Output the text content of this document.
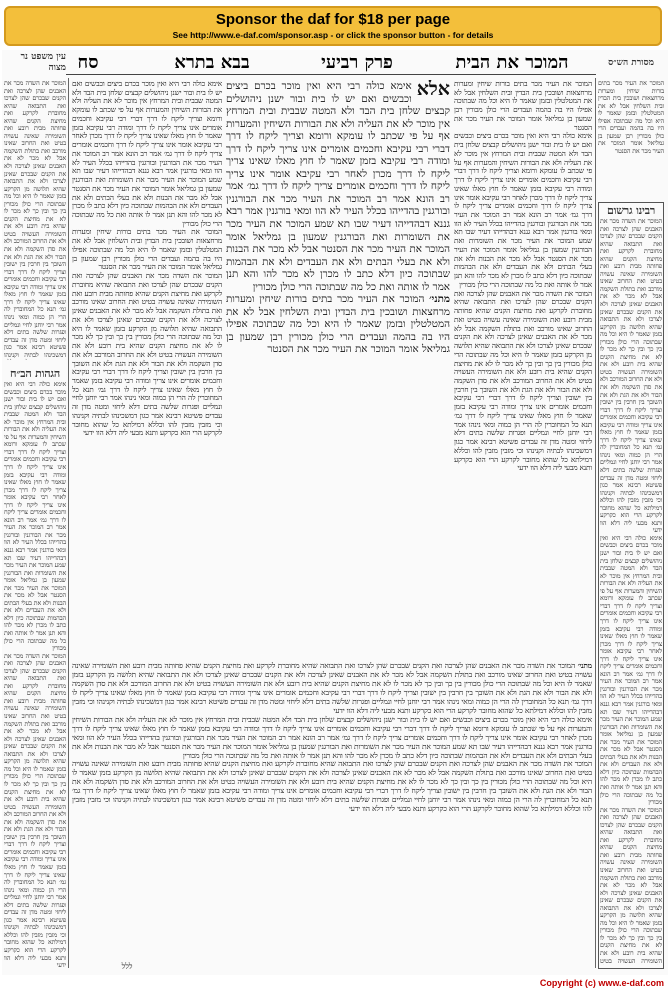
Sponsor the daf for $18 per page
See http://www.e-daf.com/sponsor.asp - or click the sponsor button - for details
עין משפט נר מצוה סח	בבא בתרא	פרק רביעי	המוכר את הבית	מסורת הש״ס

המוכר את השדה מכר את האבנים שהן לצרכה ואת הקנים שבכרם שהן לצרכו ואת התבואה שהיא מחוברת לקרקע ואת מחיצת הקנים שהיא פחותה מבית רובע ואת השומירה שאינה עשויה בטיט ואת החרוב שאינו מורכב ואת בתולת השקמה אבל לא מכר לא את האבנים שאינן לצרכה ולא את הקנים שבכרם שאינן לצרכו ולא את התבואה שהיא תלושה מן הקרקע בזמן שאמר לו היא וכל מה שבתוכה הרי כולן מכורין בין כך ובין כך לא מכר לו לא את מחיצת הקנים שהיא בית רובע ולא את השומירה העשויה בטיט ולא את החרוב המורכב ולא את סדן השקמה ולא את הבור ולא את הגת ולא את השובך בין חרבין בין ישובין וצריך ליקח לו דרך דברי רבי עקיבא וחכמים אומרים אינו צריך ומודה רבי עקיבא בזמן שאמר לו חוץ מאלו שאינו צריך ליקח לו דרך גמ׳ תנא כל המחוברין לה הרי הן כמוה ומאי נינהו אמר רבי יוחנן לחיי ונמליים ופגרות שלשה בתים דלא ליחזי ומטה מדן זה עבדים פשיטא רבינא אמר כגון דמשכינהו לבתיה וקנינהו

הגהות הב״ח

אימא כולה רבי היא ואין מוכר בכרם ביצים וכבשים ואם יש לו בית ובור ישנן ניהושלים קבצים שלחן בית הבד ולא המטה שבבית ובית המרחץ אין מוכר לא את העליה ולא את הבורות השיחין והמערות אף על פי שכתב לו עומקא ורומא וצריך ליקח לו דרך דברי רבי עקיבא וחכמים אומרים אינו צריך ליקח לו דרך ומודה רבי עקיבא בזמן שאמר לו חוץ מאלו שאינו צריך ליקח לו דרך מכרן לאחר רבי עקיבא אומר אינו צריך ליקח לו דרך וחכמים אומרים צריך ליקח לו דרך גמ׳ אמר רב הונא אמר רב המוכר את העיר מכר את הבורגנין ובורגנין בהדייהו בכלל העיר לא הוו ומאי בורגנין אמר רבא גננא דבהדייהו דעיר שבו תא שמע המוכר את העיר מכר את השומרות ואת הבורגנין שמעון בן גמליאל אומר המוכר את העיר מכר את הסנטר אבל לא מכר את הבנות ולא את בעלי הבתים ולא את העבדים ולא את הבהמות שבתוכה כיון דלא כתב לו מכרן לא מכר להו והא תנן אמר לו אותה ואת כל מה שבתוכה הרי כולן מכורין

המוכר את השדה מכר את האבנים שהן לצרכה ואת הקנים שבכרם שהן לצרכו ואת התבואה שהיא מחוברת לקרקע ואת מחיצת הקנים שהיא פחותה מבית רובע ואת השומירה שאינה עשויה בטיט ואת החרוב שאינו מורכב ואת בתולת השקמה אבל לא מכר לא את האבנים שאינן לצרכה ולא את הקנים שבכרם שאינן לצרכו ולא את התבואה שהיא תלושה מן הקרקע בזמן שאמר לו היא וכל מה שבתוכה הרי כולן מכורין בין כך ובין כך לא מכר לו לא את מחיצת הקנים שהיא בית רובע ולא את השומירה העשויה בטיט ולא את החרוב המורכב ולא את סדן השקמה ולא את הבור ולא את הגת ולא את השובך בין חרבין בין ישובין וצריך ליקח לו דרך דברי רבי עקיבא וחכמים אומרים אינו צריך ומודה רבי עקיבא בזמן שאמר לו חוץ מאלו שאינו צריך ליקח לו דרך גמ׳ תנא כל המחוברין לה הרי הן כמוה ומאי נינהו אמר רבי יוחנן לחיי ונמליים ופגרות שלשה בתים דלא ליחזי ומטה מדן זה עבדים פשיטא רבינא אמר כגון דמשכינהו לבתיה וקנינהו וכי מזבין מזבין להו וכללא דמילתא כל שהוא מחובר לקרקע הרי הוא כקרקע ותנא מבעי ליה דלא הוו ידעי

אימא כולה רבי היא ואין מוכר בכרם ביצים וכבשים ואם יש לו בית ובור ישנן ניהושלים קבצים שלחן בית הבד ולא המטה שבבית ובית המרחץ אין מוכר לא את העליה ולא את הבורות השיחין והמערות אף על פי שכתב לו עומקא ורומא וצריך ליקח לו דרך דברי רבי עקיבא וחכמים אומרים אינו צריך ליקח לו דרך ומודה רבי עקיבא בזמן שאמר לו חוץ מאלו שאינו צריך ליקח לו דרך מכרן לאחר רבי עקיבא אומר אינו צריך ליקח לו דרך וחכמים אומרים צריך ליקח לו דרך גמ׳ אמר רב הונא אמר רב המוכר את העיר מכר את הבורגנין ובורגנין בהדייהו בכלל העיר לא הוו ומאי בורגנין אמר רבא גננא דבהדייהו דעיר שבו תא שמע המוכר את העיר מכר את השומרות ואת הבורגנין שמעון בן גמליאל אומר המוכר את העיר מכר את הסנטר אבל לא מכר את הבנות ולא את בעלי הבתים ולא את העבדים ולא את הבהמות שבתוכה כיון דלא כתב לו מכרן לא מכר להו והא תנן אמר לו אותה ואת כל מה שבתוכה הרי כולן מכורין

המוכר את העיר מכר בתים בורות שיחין ומערות מרחצאות ושובכין בית הבדין ובית השלחין אבל לא את המטלטלין ובזמן שאמר לו היא וכל מה שבתוכה אפילו היו בה בהמה ועבדים הרי כולן מכורין רבן שמעון בן גמליאל אומר המוכר את העיר מכר את הסנטר

המוכר את השדה מכר את האבנים שהן לצרכה ואת הקנים שבכרם שהן לצרכו ואת התבואה שהיא מחוברת לקרקע ואת מחיצת הקנים שהיא פחותה מבית רובע ואת השומירה שאינה עשויה בטיט ואת החרוב שאינו מורכב ואת בתולת השקמה אבל לא מכר לא את האבנים שאינן לצרכה ולא את הקנים שבכרם שאינן לצרכו ולא את התבואה שהיא תלושה מן הקרקע בזמן שאמר לו היא וכל מה שבתוכה הרי כולן מכורין בין כך ובין כך לא מכר לו לא את מחיצת הקנים שהיא בית רובע ולא את השומירה העשויה בטיט ולא את החרוב המורכב ולא את סדן השקמה ולא את הבור ולא את הגת ולא את השובך בין חרבין בין ישובין וצריך ליקח לו דרך דברי רבי עקיבא וחכמים אומרים אינו צריך ומודה רבי עקיבא בזמן שאמר לו חוץ מאלו שאינו צריך ליקח לו דרך גמ׳ תנא כל המחוברין לה הרי הן כמוה ומאי נינהו אמר רבי יוחנן לחיי ונמליים ופגרות שלשה בתים דלא ליחזי ומטה מדן זה עבדים פשיטא רבינא אמר כגון דמשכינהו לבתיה וקנינהו וכי מזבין מזבין להו וכללא דמילתא כל שהוא מחובר לקרקע הרי הוא כקרקע ותנא מבעי ליה דלא הוו ידעי

המוכר את העיר מכר בתים בורות שיחין ומערות מרחצאות ושובכין בית הבדין ובית השלחין אבל לא את המטלטלין ובזמן שאמר לו היא וכל מה שבתוכה אפילו היו בה בהמה ועבדים הרי כולן מכורין רבן שמעון בן גמליאל אומר המוכר את העיר מכר את הסנטר

אימא כולה רבי היא ואין מוכר בכרם ביצים וכבשים ואם יש לו בית ובור ישנן ניהושלים קבצים שלחן בית הבד ולא המטה שבבית ובית המרחץ אין מוכר לא את העליה ולא את הבורות השיחין והמערות אף על פי שכתב לו עומקא ורומא וצריך ליקח לו דרך דברי רבי עקיבא וחכמים אומרים אינו צריך ליקח לו דרך ומודה רבי עקיבא בזמן שאמר לו חוץ מאלו שאינו צריך ליקח לו דרך מכרן לאחר רבי עקיבא אומר אינו צריך ליקח לו דרך וחכמים אומרים צריך ליקח לו דרך גמ׳ אמר רב הונא אמר רב המוכר את העיר מכר את הבורגנין ובורגנין בהדייהו בכלל העיר לא הוו ומאי בורגנין אמר רבא גננא דבהדייהו דעיר שבו תא שמע המוכר את העיר מכר את השומרות ואת הבורגנין שמעון בן גמליאל אומר המוכר את העיר מכר את הסנטר אבל לא מכר את הבנות ולא את בעלי הבתים ולא את העבדים ולא את הבהמות שבתוכה כיון דלא כתב לו מכרן לא מכר להו והא תנן אמר לו אותה ואת כל מה שבתוכה הרי כולן מכורין

המוכר את השדה מכר את האבנים שהן לצרכה ואת הקנים שבכרם שהן לצרכו ואת התבואה שהיא מחוברת לקרקע ואת מחיצת הקנים שהיא פחותה מבית רובע ואת השומירה שאינה עשויה בטיט ואת החרוב שאינו מורכב ואת בתולת השקמה אבל לא מכר לא את האבנים שאינן לצרכה ולא את הקנים שבכרם שאינן לצרכו ולא את התבואה שהיא תלושה מן הקרקע בזמן שאמר לו היא וכל מה שבתוכה הרי כולן מכורין בין כך ובין כך לא מכר לו לא את מחיצת הקנים שהיא בית רובע ולא את השומירה העשויה בטיט ולא את החרוב המורכב ולא את סדן השקמה ולא את הבור ולא את הגת ולא את השובך בין חרבין בין ישובין וצריך ליקח לו דרך דברי רבי עקיבא וחכמים אומרים אינו צריך ומודה רבי עקיבא בזמן שאמר לו חוץ מאלו שאינו צריך ליקח לו דרך גמ׳ תנא כל המחוברין לה הרי הן כמוה ומאי נינהו אמר רבי יוחנן לחיי ונמליים ופגרות שלשה בתים דלא ליחזי ומטה מדן זה עבדים פשיטא רבינא אמר כגון דמשכינהו לבתיה וקנינהו וכי מזבין מזבין להו וכללא דמילתא כל שהוא מחובר לקרקע הרי הוא כקרקע ותנא מבעי ליה דלא הוו ידעי

אלא

אימא כולה רבי היא ואין מוכר בכרם ביצים וכבשים ואם יש לו בית ובור ישנן ניהושלים קבצים שלחן בית הבד ולא המטה שבבית ובית המרחץ אין מוכר לא את העליה ולא את הבורות השיחין והמערות אף על פי שכתב לו עומקא ורומא וצריך ליקח לו דרך דברי רבי עקיבא וחכמים אומרים אינו צריך ליקח לו דרך ומודה רבי עקיבא בזמן שאמר לו חוץ מאלו שאינו צריך ליקח לו דרך מכרן לאחר רבי עקיבא אומר אינו צריך ליקח לו דרך וחכמים אומרים צריך ליקח לו דרך גמ׳ אמר רב הונא אמר רב המוכר את העיר מכר את הבורגנין ובורגנין בהדייהו בכלל העיר לא הוו ומאי בורגנין אמר רבא גננא דבהדייהו דעיר שבו תא שמע המוכר את העיר מכר את השומרות ואת הבורגנין שמעון בן גמליאל אומר המוכר את העיר מכר את הסנטר אבל לא מכר את הבנות ולא את בעלי הבתים ולא את העבדים ולא את הבהמות שבתוכה כיון דלא כתב לו מכרן לא מכר להו והא תנן אמר לו אותה ואת כל מה שבתוכה הרי כולן מכורין

מתני׳ המוכר את העיר מכר בתים בורות שיחין ומערות מרחצאות ושובכין בית הבדין ובית השלחין אבל לא את המטלטלין ובזמן שאמר לו היא וכל מה שבתוכה אפילו היו בה בהמה ועבדים הרי כולן מכורין רבן שמעון בן גמליאל אומר המוכר את העיר מכר את הסנטר

מתני׳ המוכר את השדה מכר את האבנים שהן לצרכה ואת הקנים שבכרם שהן לצרכו ואת התבואה שהיא מחוברת לקרקע ואת מחיצת הקנים שהיא פחותה מבית רובע ואת השומירה שאינה עשויה בטיט ואת החרוב שאינו מורכב ואת בתולת השקמה אבל לא מכר לא את האבנים שאינן לצרכה ולא את הקנים שבכרם שאינן לצרכו ולא את התבואה שהיא תלושה מן הקרקע בזמן שאמר לו היא וכל מה שבתוכה הרי כולן מכורין בין כך ובין כך לא מכר לו לא את מחיצת הקנים שהיא בית רובע ולא את השומירה העשויה בטיט ולא את החרוב המורכב ולא את סדן השקמה ולא את הבור ולא את הגת ולא את השובך בין חרבין בין ישובין וצריך ליקח לו דרך דברי רבי עקיבא וחכמים אומרים אינו צריך ומודה רבי עקיבא בזמן שאמר לו חוץ מאלו שאינו צריך ליקח לו דרך גמ׳ תנא כל המחוברין לה הרי הן כמוה ומאי נינהו אמר רבי יוחנן לחיי ונמליים ופגרות שלשה בתים דלא ליחזי ומטה מדן זה עבדים פשיטא רבינא אמר כגון דמשכינהו לבתיה וקנינהו וכי מזבין מזבין להו וכללא דמילתא כל שהוא מחובר לקרקע הרי הוא כקרקע ותנא מבעי ליה דלא הוו ידעי

אימא כולה רבי היא ואין מוכר בכרם ביצים וכבשים ואם יש לו בית ובור ישנן ניהושלים קבצים שלחן בית הבד ולא המטה שבבית ובית המרחץ אין מוכר לא את העליה ולא את הבורות השיחין והמערות אף על פי שכתב לו עומקא ורומא וצריך ליקח לו דרך דברי רבי עקיבא וחכמים אומרים אינו צריך ליקח לו דרך ומודה רבי עקיבא בזמן שאמר לו חוץ מאלו שאינו צריך ליקח לו דרך מכרן לאחר רבי עקיבא אומר אינו צריך ליקח לו דרך וחכמים אומרים צריך ליקח לו דרך גמ׳ אמר רב הונא אמר רב המוכר את העיר מכר את הבורגנין ובורגנין בהדייהו בכלל העיר לא הוו ומאי בורגנין אמר רבא גננא דבהדייהו דעיר שבו תא שמע המוכר את העיר מכר את השומרות ואת הבורגנין שמעון בן גמליאל אומר המוכר את העיר מכר את הסנטר אבל לא מכר את הבנות ולא את בעלי הבתים ולא את העבדים ולא את הבהמות שבתוכה כיון דלא כתב לו מכרן לא מכר להו והא תנן אמר לו אותה ואת כל מה שבתוכה הרי כולן מכורין

המוכר את השדה מכר את האבנים שהן לצרכה ואת הקנים שבכרם שהן לצרכו ואת התבואה שהיא מחוברת לקרקע ואת מחיצת הקנים שהיא פחותה מבית רובע ואת השומירה שאינה עשויה בטיט ואת החרוב שאינו מורכב ואת בתולת השקמה אבל לא מכר לא את האבנים שאינן לצרכה ולא את הקנים שבכרם שאינן לצרכו ולא את התבואה שהיא תלושה מן הקרקע בזמן שאמר לו היא וכל מה שבתוכה הרי כולן מכורין בין כך ובין כך לא מכר לו לא את מחיצת הקנים שהיא בית רובע ולא את השומירה העשויה בטיט ולא את החרוב המורכב ולא את סדן השקמה ולא את הבור ולא את הגת ולא את השובך בין חרבין בין ישובין וצריך ליקח לו דרך דברי רבי עקיבא וחכמים אומרים אינו צריך ומודה רבי עקיבא בזמן שאמר לו חוץ מאלו שאינו צריך ליקח לו דרך גמ׳ תנא כל המחוברין לה הרי הן כמוה ומאי נינהו אמר רבי יוחנן לחיי ונמליים ופגרות שלשה בתים דלא ליחזי ומטה מדן זה עבדים פשיטא רבינא אמר כגון דמשכינהו לבתיה וקנינהו וכי מזבין מזבין להו וכללא דמילתא כל שהוא מחובר לקרקע הרי הוא כקרקע ותנא מבעי ליה דלא הוו ידעי

המוכר את העיר מכר בתים בורות שיחין ומערות מרחצאות ושובכין בית הבדין ובית השלחין אבל לא את המטלטלין ובזמן שאמר לו היא וכל מה שבתוכה אפילו היו בה בהמה ועבדים הרי כולן מכורין רבן שמעון בן גמליאל אומר המוכר את העיר מכר את הסנטר

רבינו גרשום

המוכר את השדה מכר את האבנים שהן לצרכה ואת הקנים שבכרם שהן לצרכו ואת התבואה שהיא מחוברת לקרקע ואת מחיצת הקנים שהיא פחותה מבית רובע ואת השומירה שאינה עשויה בטיט ואת החרוב שאינו מורכב ואת בתולת השקמה אבל לא מכר לא את האבנים שאינן לצרכה ולא את הקנים שבכרם שאינן לצרכו ולא את התבואה שהיא תלושה מן הקרקע בזמן שאמר לו היא וכל מה שבתוכה הרי כולן מכורין בין כך ובין כך לא מכר לו לא את מחיצת הקנים שהיא בית רובע ולא את השומירה העשויה בטיט ולא את החרוב המורכב ולא את סדן השקמה ולא את הבור ולא את הגת ולא את השובך בין חרבין בין ישובין וצריך ליקח לו דרך דברי רבי עקיבא וחכמים אומרים אינו צריך ומודה רבי עקיבא בזמן שאמר לו חוץ מאלו שאינו צריך ליקח לו דרך גמ׳ תנא כל המחוברין לה הרי הן כמוה ומאי נינהו אמר רבי יוחנן לחיי ונמליים ופגרות שלשה בתים דלא ליחזי ומטה מדן זה עבדים פשיטא רבינא אמר כגון דמשכינהו לבתיה וקנינהו וכי מזבין מזבין להו וכללא דמילתא כל שהוא מחובר לקרקע הרי הוא כקרקע ותנא מבעי ליה דלא הוו ידעי

אימא כולה רבי היא ואין מוכר בכרם ביצים וכבשים ואם יש לו בית ובור ישנן ניהושלים קבצים שלחן בית הבד ולא המטה שבבית ובית המרחץ אין מוכר לא את העליה ולא את הבורות השיחין והמערות אף על פי שכתב לו עומקא ורומא וצריך ליקח לו דרך דברי רבי עקיבא וחכמים אומרים אינו צריך ליקח לו דרך ומודה רבי עקיבא בזמן שאמר לו חוץ מאלו שאינו צריך ליקח לו דרך מכרן לאחר רבי עקיבא אומר אינו צריך ליקח לו דרך וחכמים אומרים צריך ליקח לו דרך גמ׳ אמר רב הונא אמר רב המוכר את העיר מכר את הבורגנין ובורגנין בהדייהו בכלל העיר לא הוו ומאי בורגנין אמר רבא גננא דבהדייהו דעיר שבו תא שמע המוכר את העיר מכר את השומרות ואת הבורגנין שמעון בן גמליאל אומר המוכר את העיר מכר את הסנטר אבל לא מכר את הבנות ולא את בעלי הבתים ולא את העבדים ולא את הבהמות שבתוכה כיון דלא כתב לו מכרן לא מכר להו והא תנן אמר לו אותה ואת כל מה שבתוכה הרי כולן מכורין

המוכר את השדה מכר את האבנים שהן לצרכה ואת הקנים שבכרם שהן לצרכו ואת התבואה שהיא מחוברת לקרקע ואת מחיצת הקנים שהיא פחותה מבית רובע ואת השומירה שאינה עשויה בטיט ואת החרוב שאינו מורכב ואת בתולת השקמה אבל לא מכר לא את האבנים שאינן לצרכה ולא את הקנים שבכרם שאינן לצרכו ולא את התבואה שהיא תלושה מן הקרקע בזמן שאמר לו היא וכל מה שבתוכה הרי כולן מכורין בין כך ובין כך לא מכר לו לא את מחיצת הקנים שהיא בית רובע ולא את השומירה העשויה בטיט

ללל
Copyright (c) www.e-daf.com
